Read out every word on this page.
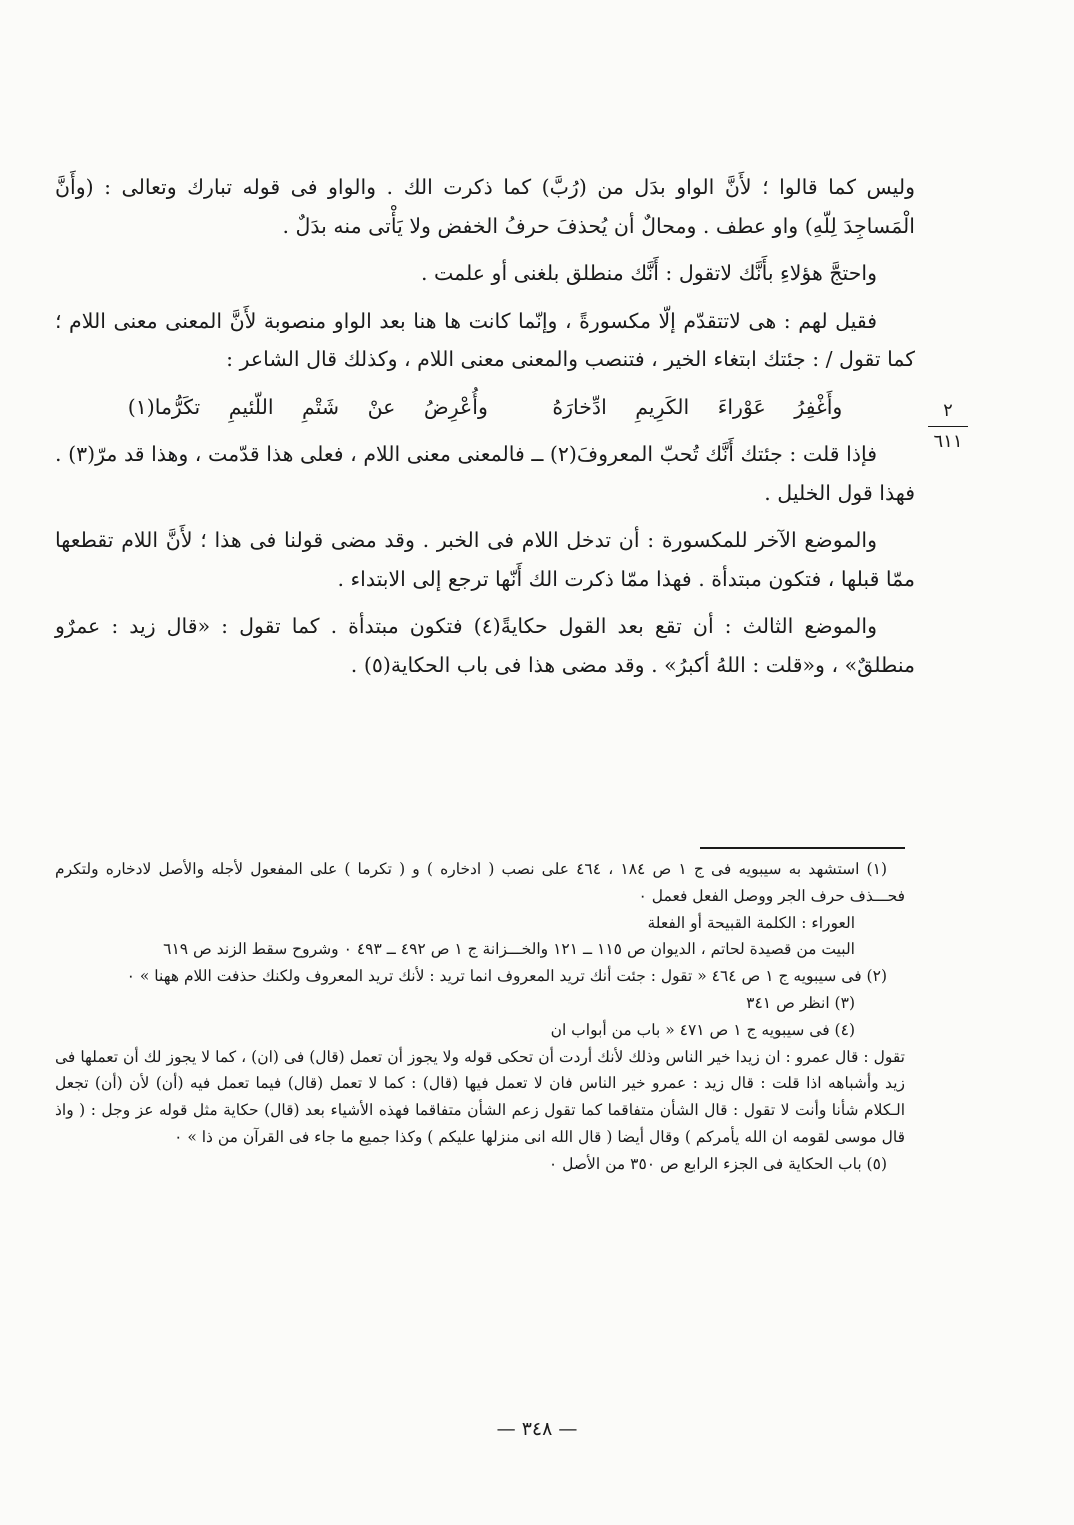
وليس كما قالوا ؛ لأَنَّ الواو بدَل من (رُبَّ) كما ذكرت الك . والواو فى قوله تبارك وتعالى : (وأَنَّ الْمَساجِدَ لِلّهِ) واو عطف . ومحالٌ أن يُحذفَ حرفُ الخفض ولا يَأْتى منه بدَلٌ .

واحتجَّ هؤلاءِ بأَنَّك لاتقول : أَنَّك منطلق بلغنى أو علمت .

فقيل لهم : هى لاتتقدّم إلّا مكسورةً ، وإنّما كانت ها هنا بعد الواو منصوبة لأَنَّ المعنى معنى اللام ؛ كما تقول / : جئتك ابتغاء الخير ، فتنصب والمعنى معنى اللام ، وكذلك قال الشاعر :

وأَغْفِرُ عَوْراءَ الكَرِيمِ ادِّخارَهُ وأُعْرِضُ عنْ شَتْمِ اللّئيمِ تكَرُّما(١)

فإذا قلت : جئتك أَنَّك تُحبّ المعروفَ(٢) ــ فالمعنى معنى اللام ، فعلى هذا قدّمت ، وهذا قد مرّ(٣) . فهذا قول الخليل .

والموضع الآخر للمكسورة : أن تدخل اللام فى الخبر . وقد مضى قولنا فى هذا ؛ لأَنَّ اللام تقطعها ممّا قبلها ، فتكون مبتدأة . فهذا ممّا ذكرت الك أَنّها ترجع إلى الابتداء .

والموضع الثالث : أن تقع بعد القول حكايةً(٤) فتكون مبتدأة . كما تقول : «قال زيد : عمرٌو منطلقٌ» ، و«قلت : اللهُ أكبرُ» . وقد مضى هذا فى باب الحكاية(٥) .

٢
٦١١

(١) استشهد به سيبويه فى ج ١ ص ١٨٤ ، ٤٦٤ على نصب ( ادخاره ) و ( تكرما ) على المفعول لأجله والأصل لادخاره ولتكرم فحـــذف حرف الجر ووصل الفعل فعمل ٠

العوراء : الكلمة القبيحة أو الفعلة

البيت من قصيدة لحاتم ، الديوان ص ١١٥ ــ ١٢١ والخـــزانة ج ١ ص ٤٩٢ ــ ٤٩٣ ٠ وشروح سقط الزند ص ٦١٩

(٢) فى سيبويه ج ١ ص ٤٦٤ « تقول : جئت أنك تريد المعروف انما تريد : لأنك تريد المعروف ولكنك حذفت اللام ههنا » ٠

(٣) انظر ص ٣٤١

(٤) فى سيبويه ج ١ ص ٤٧١ « باب من أبواب ان

تقول : قال عمرو : ان زيدا خير الناس وذلك لأنك أردت أن تحكى قوله ولا يجوز أن تعمل (قال) فى (ان) ، كما لا يجوز لك أن تعملها فى زيد وأشباهه اذا قلت : قال زيد : عمرو خير الناس فان لا تعمل فيها (قال) : كما لا تعمل (قال) فيما تعمل فيه (أن) لأن (أن) تجعل الـكلام شأنا وأنت لا تقول : قال الشأن متفاقما كما تقول زعم الشأن متفاقما فهذه الأشياء بعد (قال) حكاية مثل قوله عز وجل : ( واذ قال موسى لقومه ان الله يأمركم ) وقال أيضا ( قال الله انى منزلها عليكم ) وكذا جميع ما جاء فى القرآن من ذا » ٠

(٥) باب الحكاية فى الجزء الرابع ص ٣٥٠ من الأصل ٠

— ٣٤٨ —
